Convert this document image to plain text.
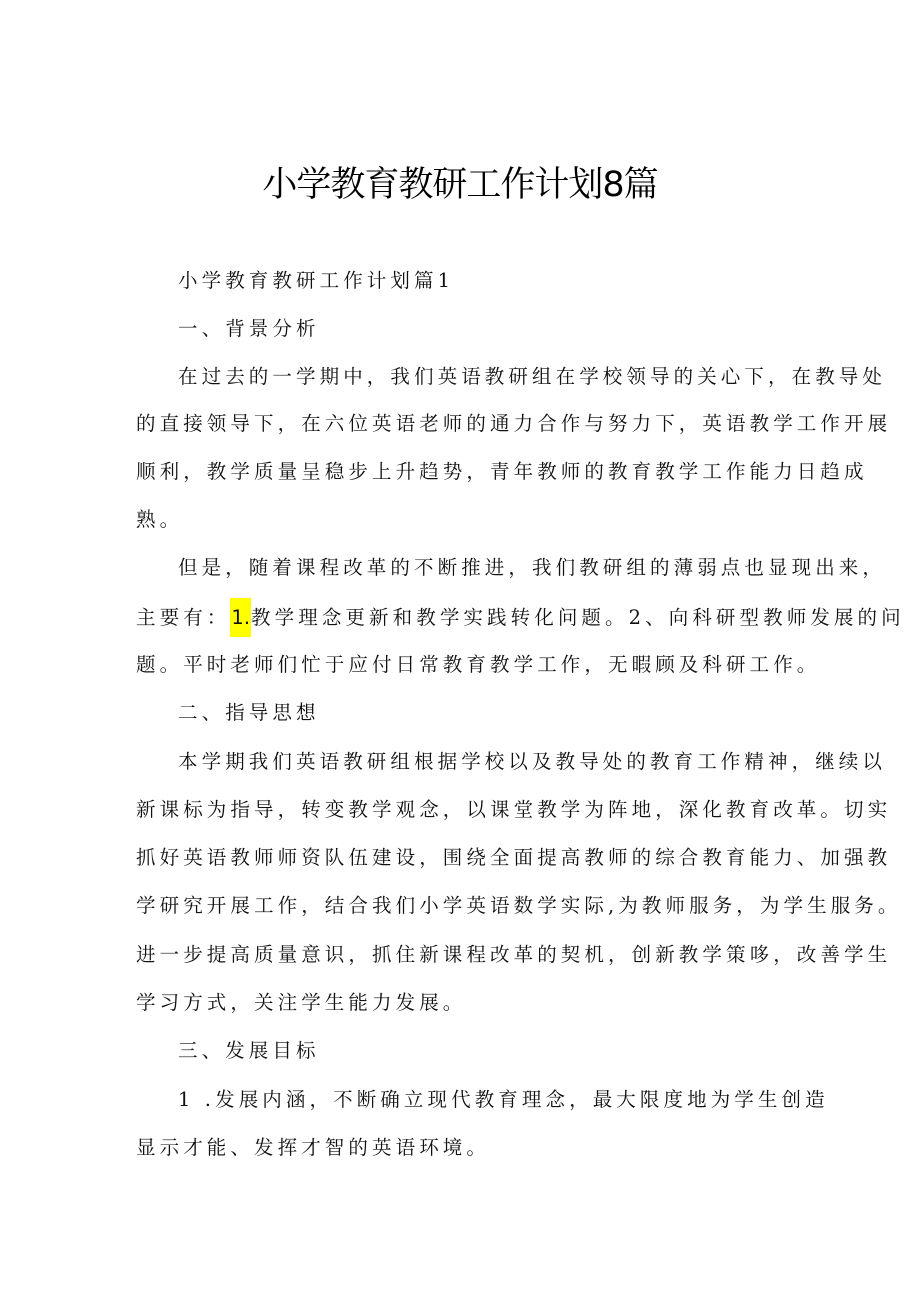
小学教育教研工作计划8篇
小学教育教研工作计划篇1
一、背景分析
在过去的一学期中，我们英语教研组在学校领导的关心下，在教导处
的直接领导下，在六位英语老师的通力合作与努力下，英语教学工作开展
顺利，教学质量呈稳步上升趋势，青年教师的教育教学工作能力日趋成
熟。
但是，随着课程改革的不断推进，我们教研组的薄弱点也显现出来，
主要有：1.教学理念更新和教学实践转化问题。2、向科研型教师发展的问
题。平时老师们忙于应付日常教育教学工作，无暇顾及科研工作。
二、指导思想
本学期我们英语教研组根据学校以及教导处的教育工作精神，继续以
新课标为指导，转变教学观念，以课堂教学为阵地，深化教育改革。切实
抓好英语教师师资队伍建设，围绕全面提高教师的综合教育能力、加强教
学研究开展工作，结合我们小学英语数学实际,为教师服务，为学生服务。
进一步提高质量意识，抓住新课程改革的契机，创新教学策哆，改善学生
学习方式，关注学生能力发展。
三、发展目标
1 .发展内涵，不断确立现代教育理念，最大限度地为学生创造
显示才能、发挥才智的英语环境。
